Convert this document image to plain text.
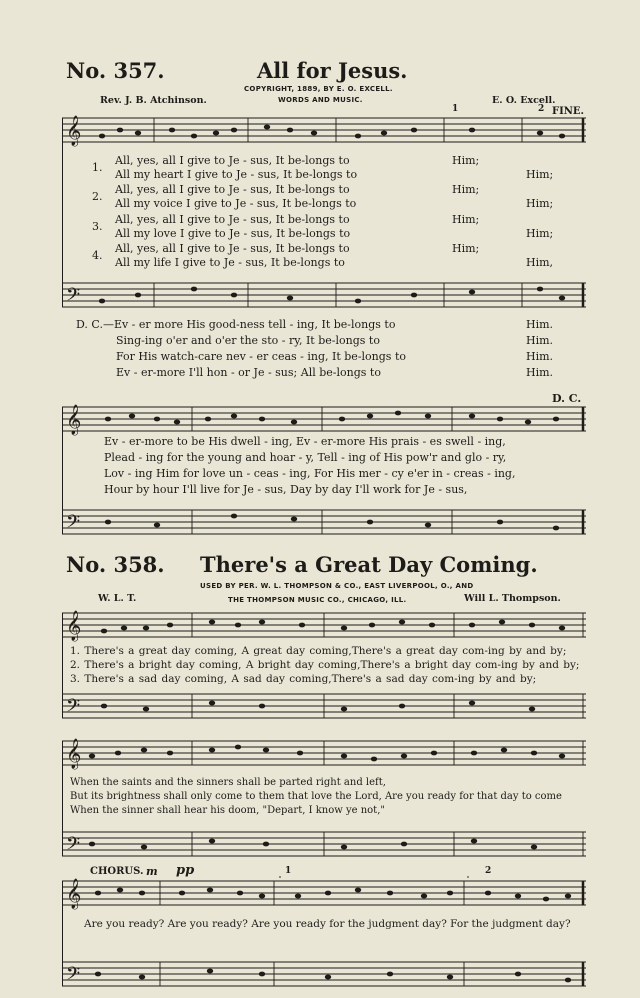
No. 357.	All for Jesus.
COPYRIGHT, 1889, BY E. O. EXCELL.
WORDS AND MUSIC.
Rev. J. B. Atchinson.	E. O. Excell.
1	2 FINE.
𝄞
𝄢
1.
All, yes, all I give to Je - sus, It be-longs to	Him;
All my heart I give to Je - sus, It be-longs to	Him;
2.
All, yes, all I give to Je - sus, It be-longs to	Him;
All my voice I give to Je - sus, It be-longs to	Him;
3.
All, yes, all I give to Je - sus, It be-longs to	Him;
All my love I give to Je - sus, It be-longs to	Him;
4.
All, yes, all I give to Je - sus, It be-longs to	Him;
All my life I give to Je - sus, It be-longs to	Him,
D. C.—Ev - er more His good-ness tell - ing, It be-longs to	Him.
Sing-ing o'er and o'er the sto - ry, It be-longs to	Him.
For His watch-care nev - er ceas - ing, It be-longs to	Him.
Ev - er-more I'll hon - or Je - sus; All be-longs to	Him.
D. C.
𝄞
𝄢
Ev - er-more to be His dwell - ing, Ev - er-more His prais - es swell - ing,
Plead - ing for the young and hoar - y, Tell - ing of His pow'r and glo - ry,
Lov - ing Him for love un - ceas - ing, For His mer - cy e'er in - creas - ing,
Hour by hour I'll live for Je - sus, Day by day I'll work for Je - sus,
No. 358. There's a Great Day Coming.
USED BY PER. W. L. THOMPSON & CO., EAST LIVERPOOL, O., AND
THE THOMPSON MUSIC CO., CHICAGO, ILL.
W. L. T.	Will L. Thompson.
𝄞
𝄢
1. There's a great day coming, A great day coming,There's a great day com-ing by and by;
2. There's a bright day coming, A bright day coming,There's a bright day com-ing by and by;
3. There's a sad day coming, A sad day coming,There's a sad day com-ing by and by;
𝄞
𝄢
When the saints and the sinners shall be parted right and left,
But its brightness shall only come to them that love the Lord, Are you ready for that day to come
When the sinner shall hear his doom, "Depart, I know ye not,"
CHORUS. m pp	1	2
𝄞
𝄢
Are you ready? Are you ready? Are you ready for the judgment day? For the judgment day?
